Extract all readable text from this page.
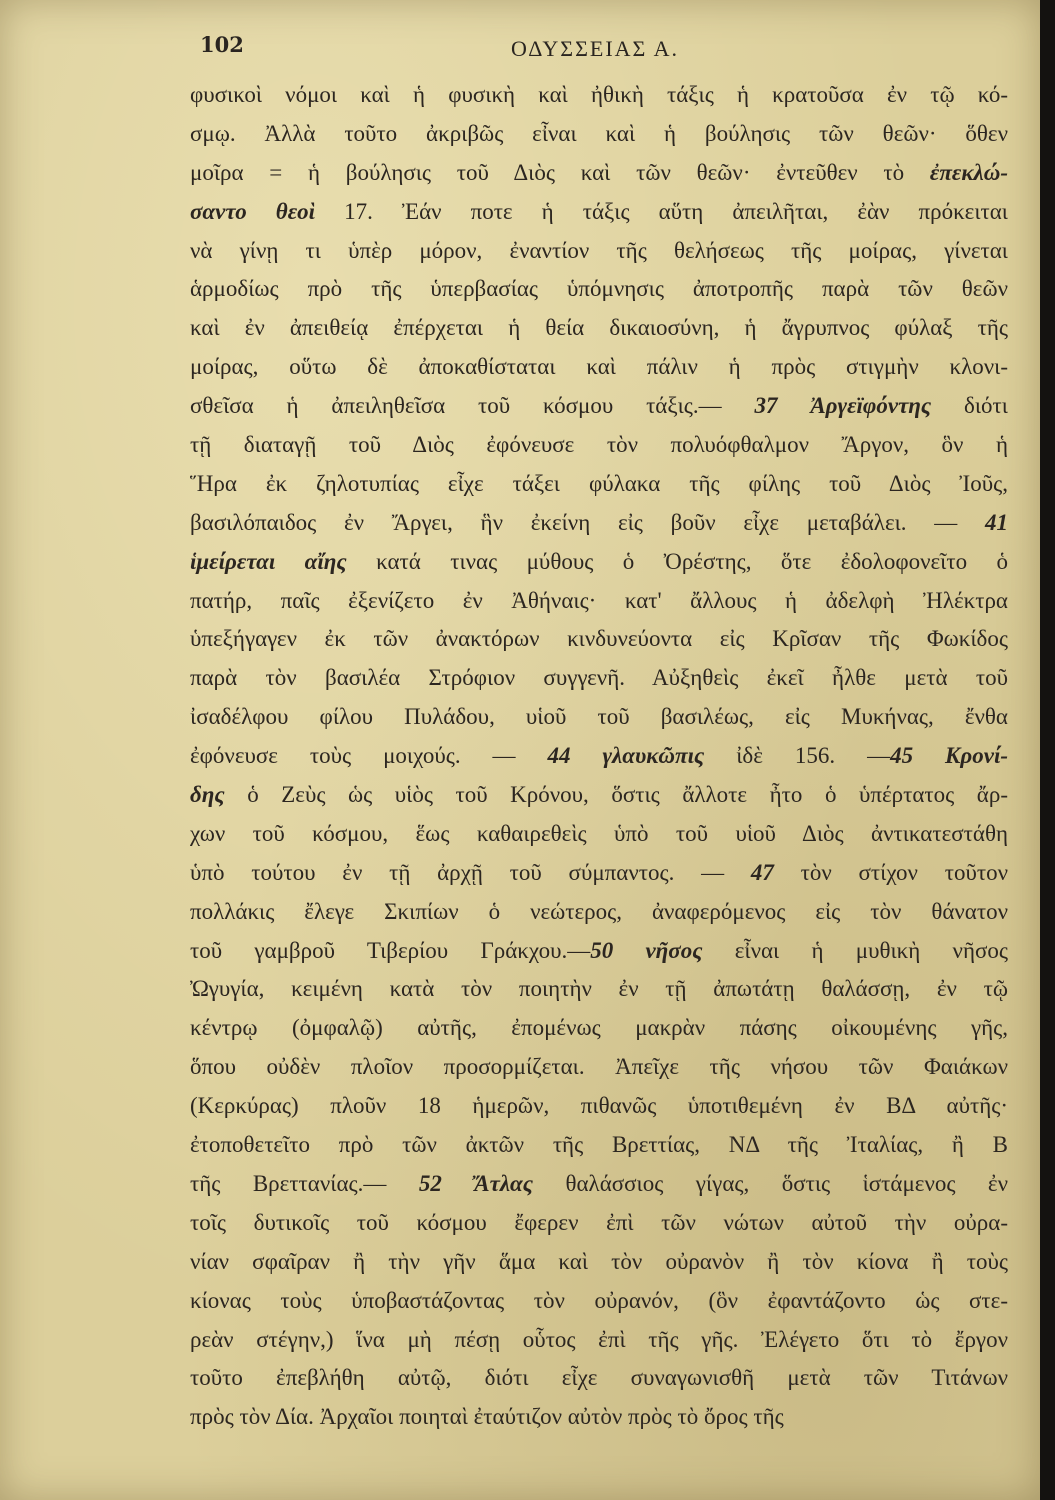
102	ΟΔΥΣΣΕΙΑΣ Α.
φυσικοὶ νόμοι καὶ ἡ φυσικὴ καὶ ἠθικὴ τάξις ἡ κρατοῦσα ἐν τῷ κό-
σμῳ. Ἀλλὰ τοῦτο ἀκριβῶς εἶναι καὶ ἡ βούλησις τῶν θεῶν· ὅθεν
μοῖρα = ἡ βούλησις τοῦ Διὸς καὶ τῶν θεῶν· ἐντεῦθεν τὸ ἐπεκλώ-
σαντο θεοὶ 17. Ἐάν ποτε ἡ τάξις αὕτη ἀπειλῆται, ἐὰν πρόκειται
νὰ γίνῃ τι ὑπὲρ μόρον, ἐναντίον τῆς θελήσεως τῆς μοίρας, γίνεται
ἁρμοδίως πρὸ τῆς ὑπερβασίας ὑπόμνησις ἀποτροπῆς παρὰ τῶν θεῶν
καὶ ἐν ἀπειθείᾳ ἐπέρχεται ἡ θεία δικαιοσύνη, ἡ ἄγρυπνος φύλαξ τῆς
μοίρας, οὕτω δὲ ἀποκαθίσταται καὶ πάλιν ἡ πρὸς στιγμὴν κλονι-
σθεῖσα ἡ ἀπειληθεῖσα τοῦ κόσμου τάξις.— 37 Ἀργεϊφόντης διότι
τῇ διαταγῇ τοῦ Διὸς ἐφόνευσε τὸν πολυόφθαλμον Ἄργον, ὃν ἡ
Ἥρα ἐκ ζηλοτυπίας εἶχε τάξει φύλακα τῆς φίλης τοῦ Διὸς Ἰοῦς,
βασιλόπαιδος ἐν Ἄργει, ἣν ἐκείνη εἰς βοῦν εἶχε μεταβάλει. — 41
ἱμείρεται αἴης κατά τινας μύθους ὁ Ὀρέστης, ὅτε ἐδολοφονεῖτο ὁ
πατήρ, παῖς ἐξενίζετο ἐν Ἀθήναις· κατ' ἄλλους ἡ ἀδελφὴ Ἠλέκτρα
ὑπεξήγαγεν ἐκ τῶν ἀνακτόρων κινδυνεύοντα εἰς Κρῖσαν τῆς Φωκίδος
παρὰ τὸν βασιλέα Στρόφιον συγγενῆ. Αὐξηθεὶς ἐκεῖ ἦλθε μετὰ τοῦ
ἰσαδέλφου φίλου Πυλάδου, υἱοῦ τοῦ βασιλέως, εἰς Μυκήνας, ἔνθα
ἐφόνευσε τοὺς μοιχούς. — 44 γλαυκῶπις ἰδὲ 156. —45 Κρονί-
δης ὁ Ζεὺς ὡς υἱὸς τοῦ Κρόνου, ὅστις ἄλλοτε ἦτο ὁ ὑπέρτατος ἄρ-
χων τοῦ κόσμου, ἕως καθαιρεθεὶς ὑπὸ τοῦ υἱοῦ Διὸς ἀντικατεστάθη
ὑπὸ τούτου ἐν τῇ ἀρχῇ τοῦ σύμπαντος. — 47 τὸν στίχον τοῦτον
πολλάκις ἔλεγε Σκιπίων ὁ νεώτερος, ἀναφερόμενος εἰς τὸν θάνατον
τοῦ γαμβροῦ Τιβερίου Γράκχου.—50 νῆσος εἶναι ἡ μυθικὴ νῆσος
Ὠγυγία, κειμένη κατὰ τὸν ποιητὴν ἐν τῇ ἀπωτάτῃ θαλάσσῃ, ἐν τῷ
κέντρῳ (ὀμφαλῷ) αὐτῆς, ἐπομένως μακρὰν πάσης οἰκουμένης γῆς,
ὅπου οὐδὲν πλοῖον προσορμίζεται. Ἀπεῖχε τῆς νήσου τῶν Φαιάκων
(Κερκύρας) πλοῦν 18 ἡμερῶν, πιθανῶς ὑποτιθεμένη ἐν ΒΔ αὐτῆς·
ἐτοποθετεῖτο πρὸ τῶν ἀκτῶν τῆς Βρεττίας, ΝΔ τῆς Ἰταλίας, ἢ Β
τῆς Βρεττανίας.— 52 Ἄτλας θαλάσσιος γίγας, ὅστις ἱστάμενος ἐν
τοῖς δυτικοῖς τοῦ κόσμου ἔφερεν ἐπὶ τῶν νώτων αὐτοῦ τὴν οὐρα-
νίαν σφαῖραν ἢ τὴν γῆν ἅμα καὶ τὸν οὐρανὸν ἢ τὸν κίονα ἢ τοὺς
κίονας τοὺς ὑποβαστάζοντας τὸν οὐρανόν, (ὃν ἐφαντάζοντο ὡς στε-
ρεὰν στέγην,) ἵνα μὴ πέσῃ οὗτος ἐπὶ τῆς γῆς. Ἐλέγετο ὅτι τὸ ἔργον
τοῦτο ἐπεβλήθη αὐτῷ, διότι εἶχε συναγωνισθῆ μετὰ τῶν Τιτάνων
πρὸς τὸν Δία. Ἀρχαῖοι ποιηταὶ ἐταύτιζον αὐτὸν πρὸς τὸ ὄρος τῆς
